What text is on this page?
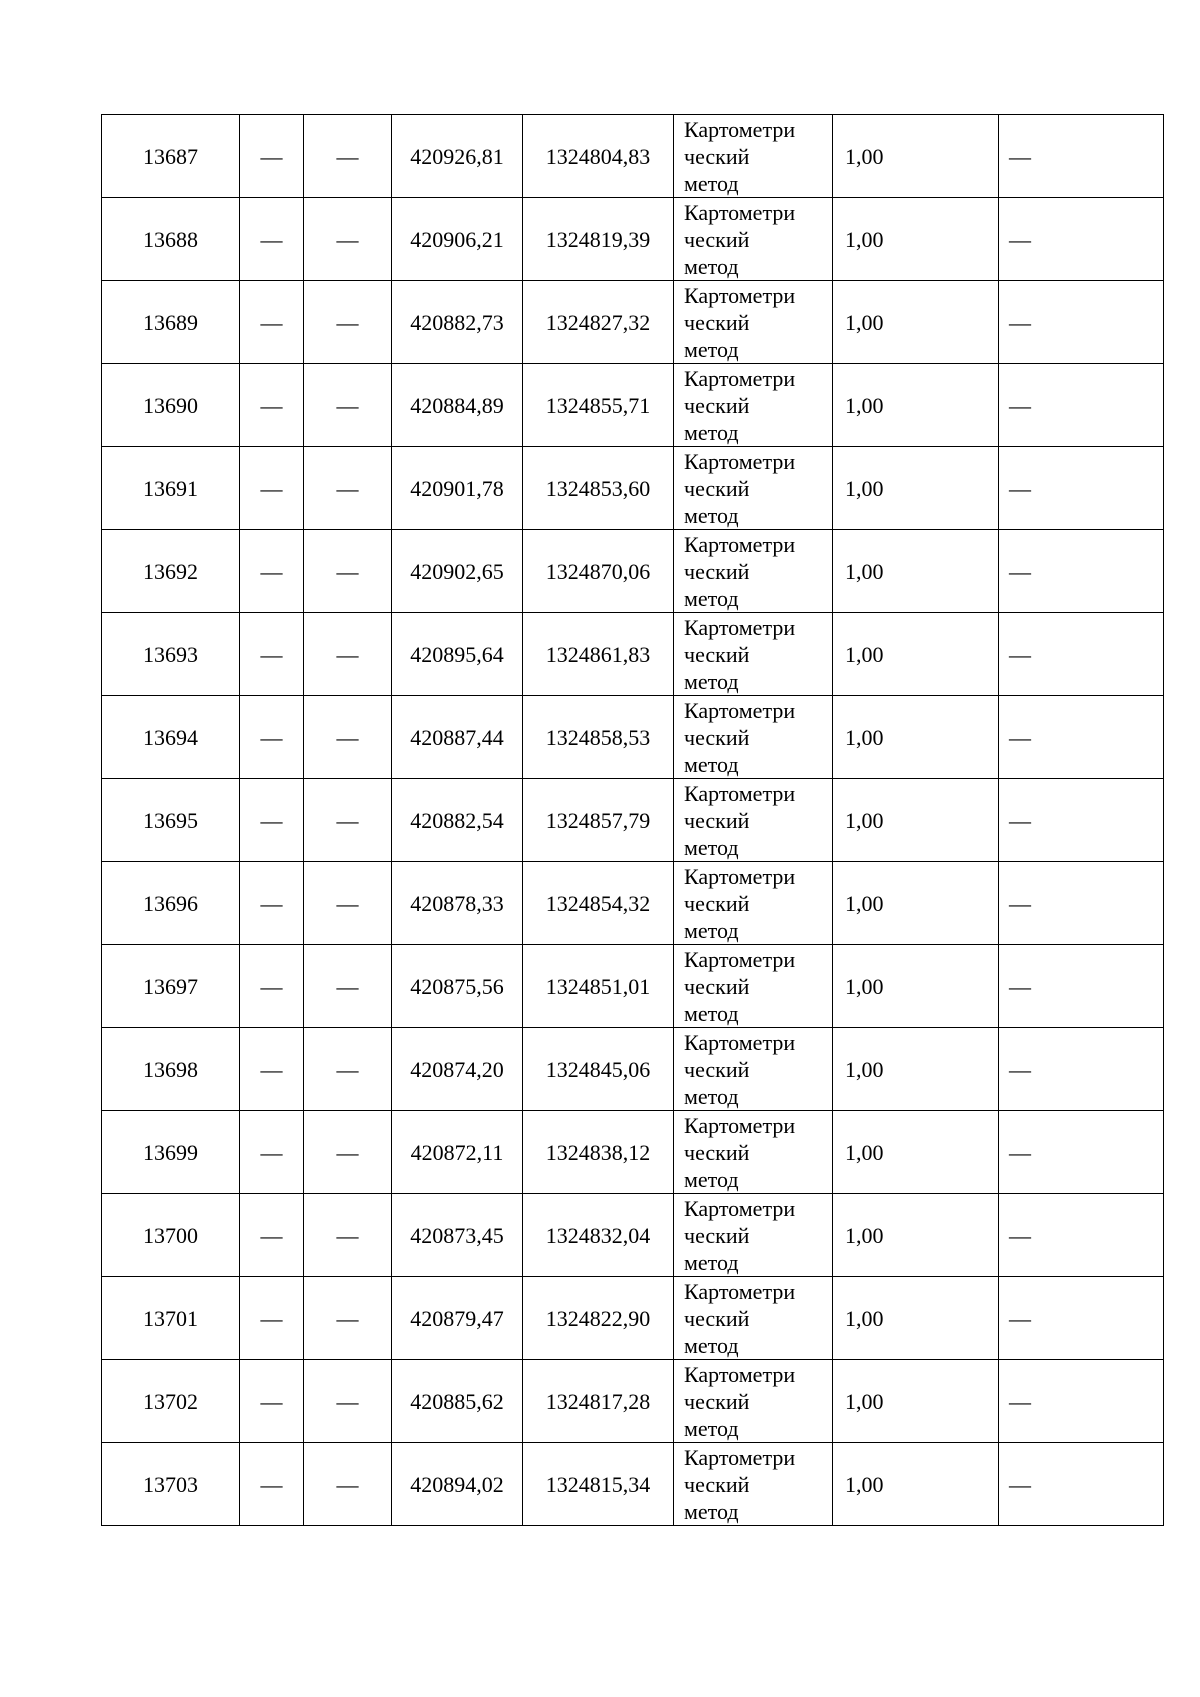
13687	—	—	420926,81	1324804,83	Картометри
ческий
метод	1,00	—
13688	—	—	420906,21	1324819,39	Картометри
ческий
метод	1,00	—
13689	—	—	420882,73	1324827,32	Картометри
ческий
метод	1,00	—
13690	—	—	420884,89	1324855,71	Картометри
ческий
метод	1,00	—
13691	—	—	420901,78	1324853,60	Картометри
ческий
метод	1,00	—
13692	—	—	420902,65	1324870,06	Картометри
ческий
метод	1,00	—
13693	—	—	420895,64	1324861,83	Картометри
ческий
метод	1,00	—
13694	—	—	420887,44	1324858,53	Картометри
ческий
метод	1,00	—
13695	—	—	420882,54	1324857,79	Картометри
ческий
метод	1,00	—
13696	—	—	420878,33	1324854,32	Картометри
ческий
метод	1,00	—
13697	—	—	420875,56	1324851,01	Картометри
ческий
метод	1,00	—
13698	—	—	420874,20	1324845,06	Картометри
ческий
метод	1,00	—
13699	—	—	420872,11	1324838,12	Картометри
ческий
метод	1,00	—
13700	—	—	420873,45	1324832,04	Картометри
ческий
метод	1,00	—
13701	—	—	420879,47	1324822,90	Картометри
ческий
метод	1,00	—
13702	—	—	420885,62	1324817,28	Картометри
ческий
метод	1,00	—
13703	—	—	420894,02	1324815,34	Картометри
ческий
метод	1,00	—
